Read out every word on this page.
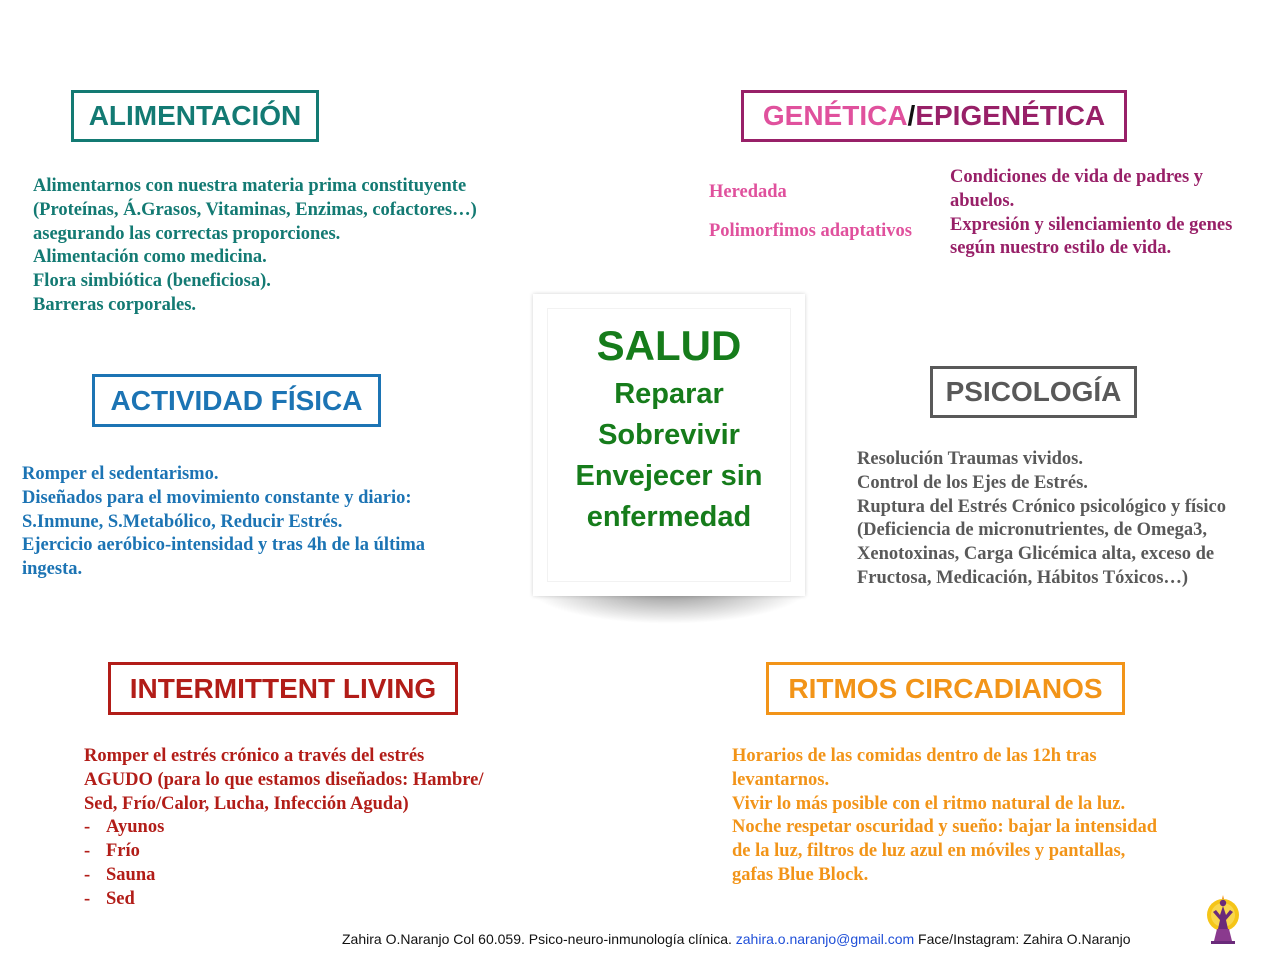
ALIMENTACIÓN
Alimentarnos con nuestra materia prima constituyente
(Proteínas, Á.Grasos, Vitaminas, Enzimas, cofactores…)
asegurando las correctas proporciones.
Alimentación como medicina.
Flora simbiótica (beneficiosa).
Barreras corporales.
GENÉTICA / EPIGENÉTICA
Heredada
Polimorfimos adaptativos
Condiciones de vida de padres y
abuelos.
Expresión y silenciamiento de genes
según nuestro estilo de vida.
SALUD
Reparar
Sobrevivir
Envejecer sin
enfermedad
ACTIVIDAD FÍSICA
Romper el sedentarismo.
Diseñados para el movimiento constante y diario:
S.Inmune, S.Metabólico, Reducir Estrés.
Ejercicio aeróbico-intensidad y tras 4h de la última
ingesta.
PSICOLOGÍA
Resolución Traumas vividos.
Control de los Ejes de Estrés.
Ruptura del Estrés Crónico psicológico y físico
(Deficiencia de micronutrientes, de Omega3,
Xenotoxinas, Carga Glicémica alta, exceso de
Fructosa, Medicación, Hábitos Tóxicos…)
INTERMITTENT LIVING
Romper el estrés crónico a través del estrés
AGUDO (para lo que estamos diseñados: Hambre/
Sed, Frío/Calor, Lucha, Infección Aguda)
- Ayunos
- Frío
- Sauna
- Sed
RITMOS CIRCADIANOS
Horarios de las comidas dentro de las 12h tras
levantarnos.
Vivir lo más posible con el ritmo natural de la luz.
Noche respetar oscuridad y sueño: bajar la intensidad
de la luz, filtros de luz azul en móviles y pantallas,
gafas Blue Block.
Zahira O.Naranjo Col 60.059. Psico-neuro-inmunología clínica. zahira.o.naranjo@gmail.com Face/Instagram: Zahira O.Naranjo
